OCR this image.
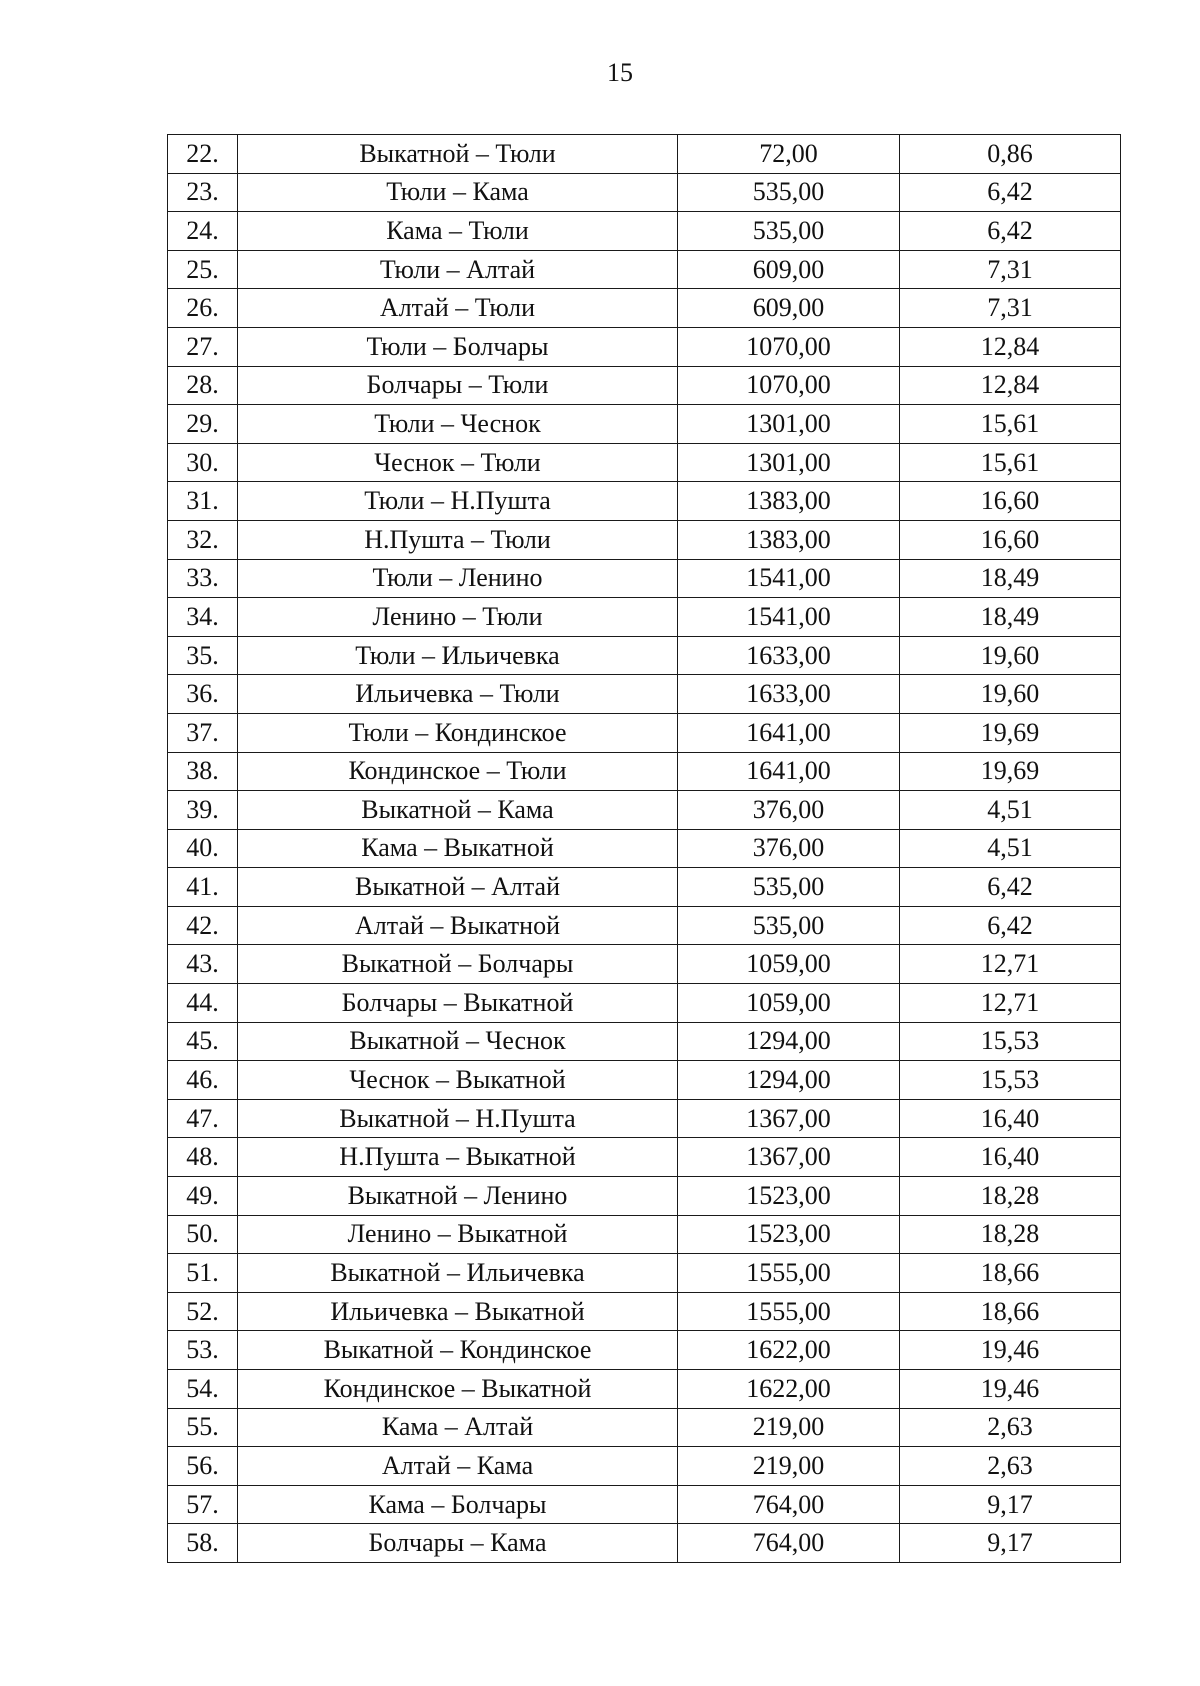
15
22.	Выкатной – Тюли	72,00	0,86
23.	Тюли – Кама	535,00	6,42
24.	Кама – Тюли	535,00	6,42
25.	Тюли – Алтай	609,00	7,31
26.	Алтай – Тюли	609,00	7,31
27.	Тюли – Болчары	1070,00	12,84
28.	Болчары – Тюли	1070,00	12,84
29.	Тюли – Чеснок	1301,00	15,61
30.	Чеснок – Тюли	1301,00	15,61
31.	Тюли – Н.Пушта	1383,00	16,60
32.	Н.Пушта – Тюли	1383,00	16,60
33.	Тюли – Ленино	1541,00	18,49
34.	Ленино – Тюли	1541,00	18,49
35.	Тюли – Ильичевка	1633,00	19,60
36.	Ильичевка – Тюли	1633,00	19,60
37.	Тюли – Кондинское	1641,00	19,69
38.	Кондинское – Тюли	1641,00	19,69
39.	Выкатной – Кама	376,00	4,51
40.	Кама – Выкатной	376,00	4,51
41.	Выкатной – Алтай	535,00	6,42
42.	Алтай – Выкатной	535,00	6,42
43.	Выкатной – Болчары	1059,00	12,71
44.	Болчары – Выкатной	1059,00	12,71
45.	Выкатной – Чеснок	1294,00	15,53
46.	Чеснок – Выкатной	1294,00	15,53
47.	Выкатной – Н.Пушта	1367,00	16,40
48.	Н.Пушта – Выкатной	1367,00	16,40
49.	Выкатной – Ленино	1523,00	18,28
50.	Ленино – Выкатной	1523,00	18,28
51.	Выкатной – Ильичевка	1555,00	18,66
52.	Ильичевка – Выкатной	1555,00	18,66
53.	Выкатной – Кондинское	1622,00	19,46
54.	Кондинское – Выкатной	1622,00	19,46
55.	Кама – Алтай	219,00	2,63
56.	Алтай – Кама	219,00	2,63
57.	Кама – Болчары	764,00	9,17
58.	Болчары – Кама	764,00	9,17
